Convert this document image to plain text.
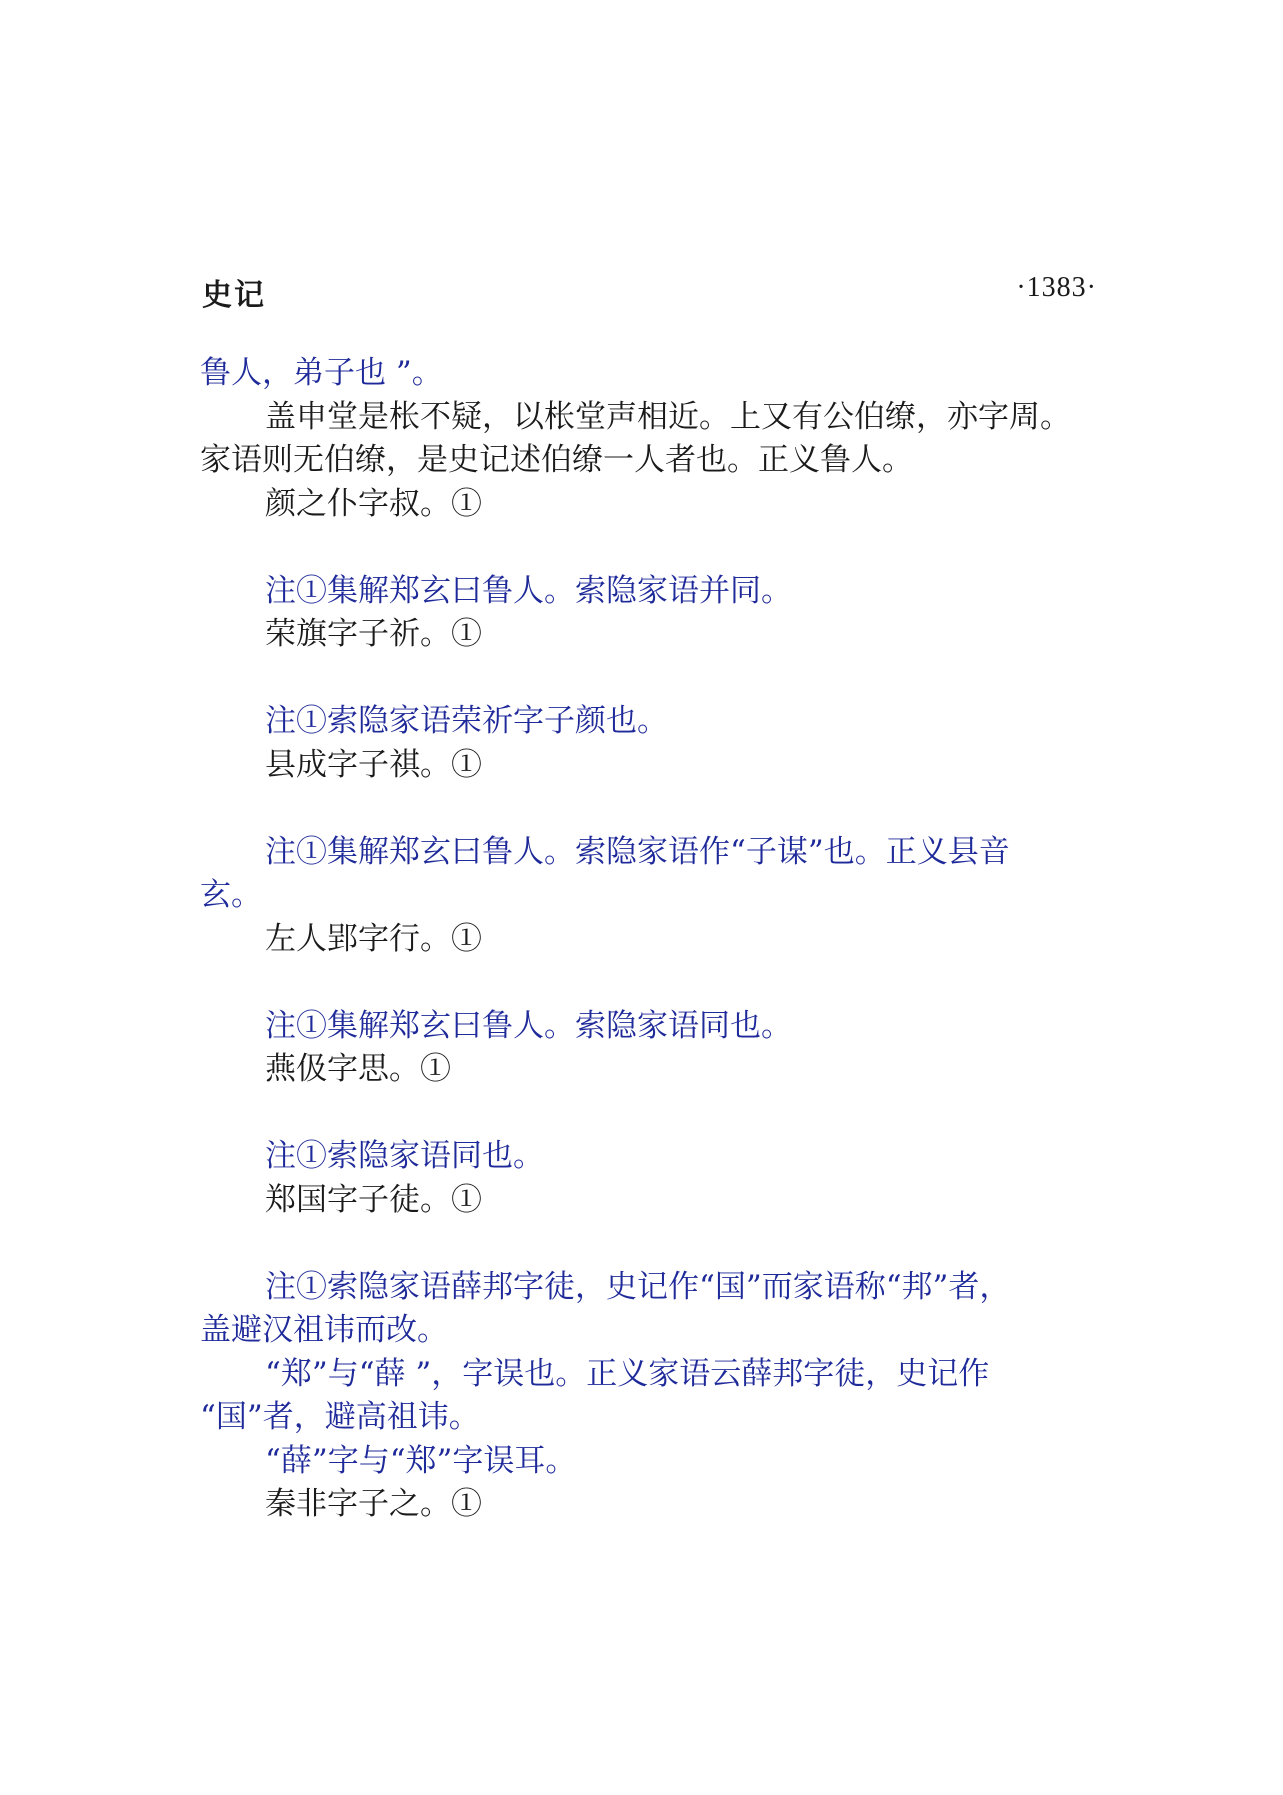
史记	·1383·
鲁人，弟子也 ”。
盖申堂是枨不疑，以枨堂声相近。上又有公伯缭，亦字周。
家语则无伯缭，是史记述伯缭一人者也。正义鲁人。
颜之仆字叔。①
注①集解郑玄曰鲁人。索隐家语并同。
荣旗字子祈。①
注①索隐家语荣祈字子颜也。
县成字子祺。①
注①集解郑玄曰鲁人。索隐家语作“子谋”也。正义县音
玄。
左人郢字行。①
注①集解郑玄曰鲁人。索隐家语同也。
燕伋字思。①
注①索隐家语同也。
郑国字子徒。①
注①索隐家语薛邦字徒，史记作“国”而家语称“邦”者，
盖避汉祖讳而改。
“郑”与“薛 ”，字误也。正义家语云薛邦字徒，史记作
“国”者，避高祖讳。
“薛”字与“郑”字误耳。
秦非字子之。①
